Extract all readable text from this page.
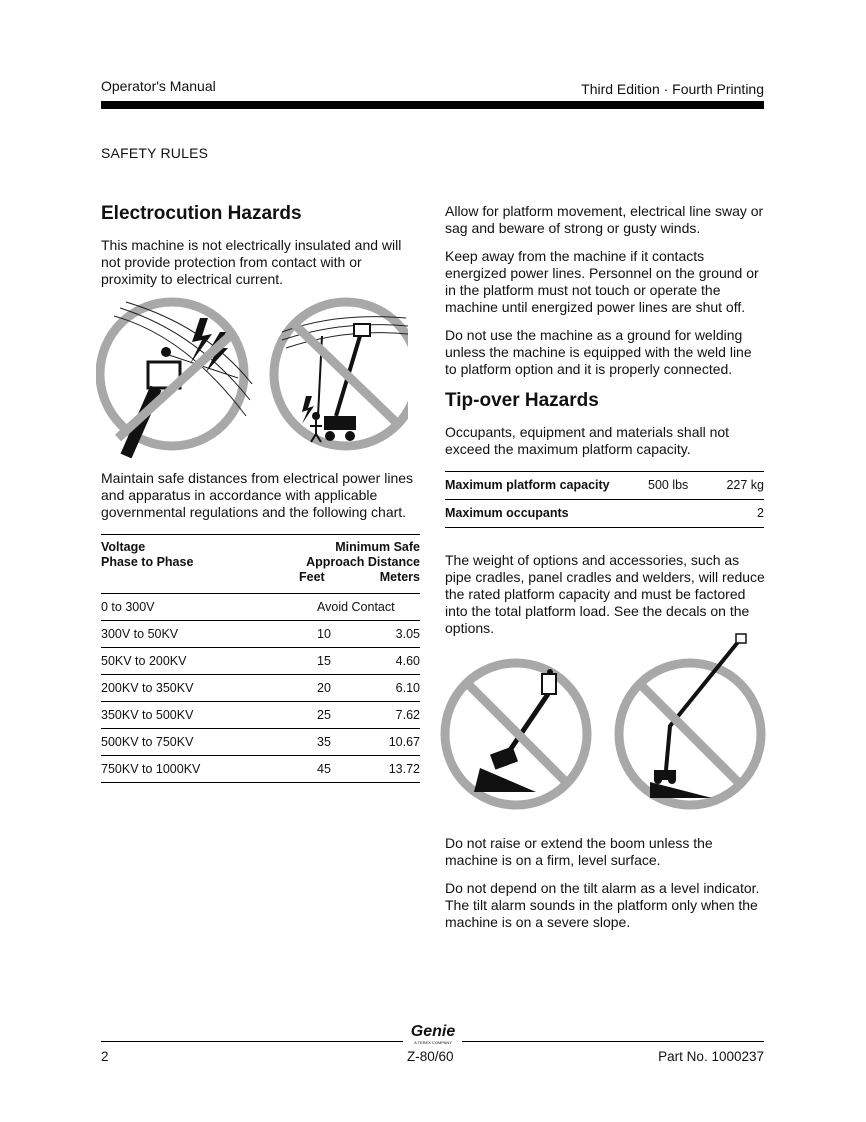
Operator's Manual	Third Edition · Fourth Printing
SAFETY RULES
Electrocution Hazards

This machine is not electrically insulated and will not provide protection from contact with or proximity to electrical current.

Maintain safe distances from electrical power lines and apparatus in accordance with applicable governmental regulations and the following chart.

Voltage
Phase to Phase
Minimum Safe
Approach Distance
Feet	Meters
0 to 300V	Avoid Contact
300V to 50KV	10	3.05
50KV to 200KV	15	4.60
200KV to 350KV	20	6.10
350KV to 500KV	25	7.62
500KV to 750KV	35	10.67
750KV to 1000KV	45	13.72

Allow for platform movement, electrical line sway or sag and beware of strong or gusty winds.

Keep away from the machine if it contacts energized power lines. Personnel on the ground or in the platform must not touch or operate the machine until energized power lines are shut off.

Do not use the machine as a ground for welding unless the machine is equipped with the weld line to platform option and it is properly connected.

Tip-over Hazards

Occupants, equipment and materials shall not exceed the maximum platform capacity.

Maximum platform capacity	500 lbs	227 kg
Maximum occupants	2

The weight of options and accessories, such as pipe cradles, panel cradles and welders, will reduce the rated platform capacity and must be factored into the total platform load. See the decals on the options.

Do not raise or extend the boom unless the machine is on a firm, level surface.

Do not depend on the tilt alarm as a level indicator. The tilt alarm sounds in the platform only when the machine is on a severe slope.

Genie
A TEREX COMPANY
2	Z-80/60	Part No. 1000237
